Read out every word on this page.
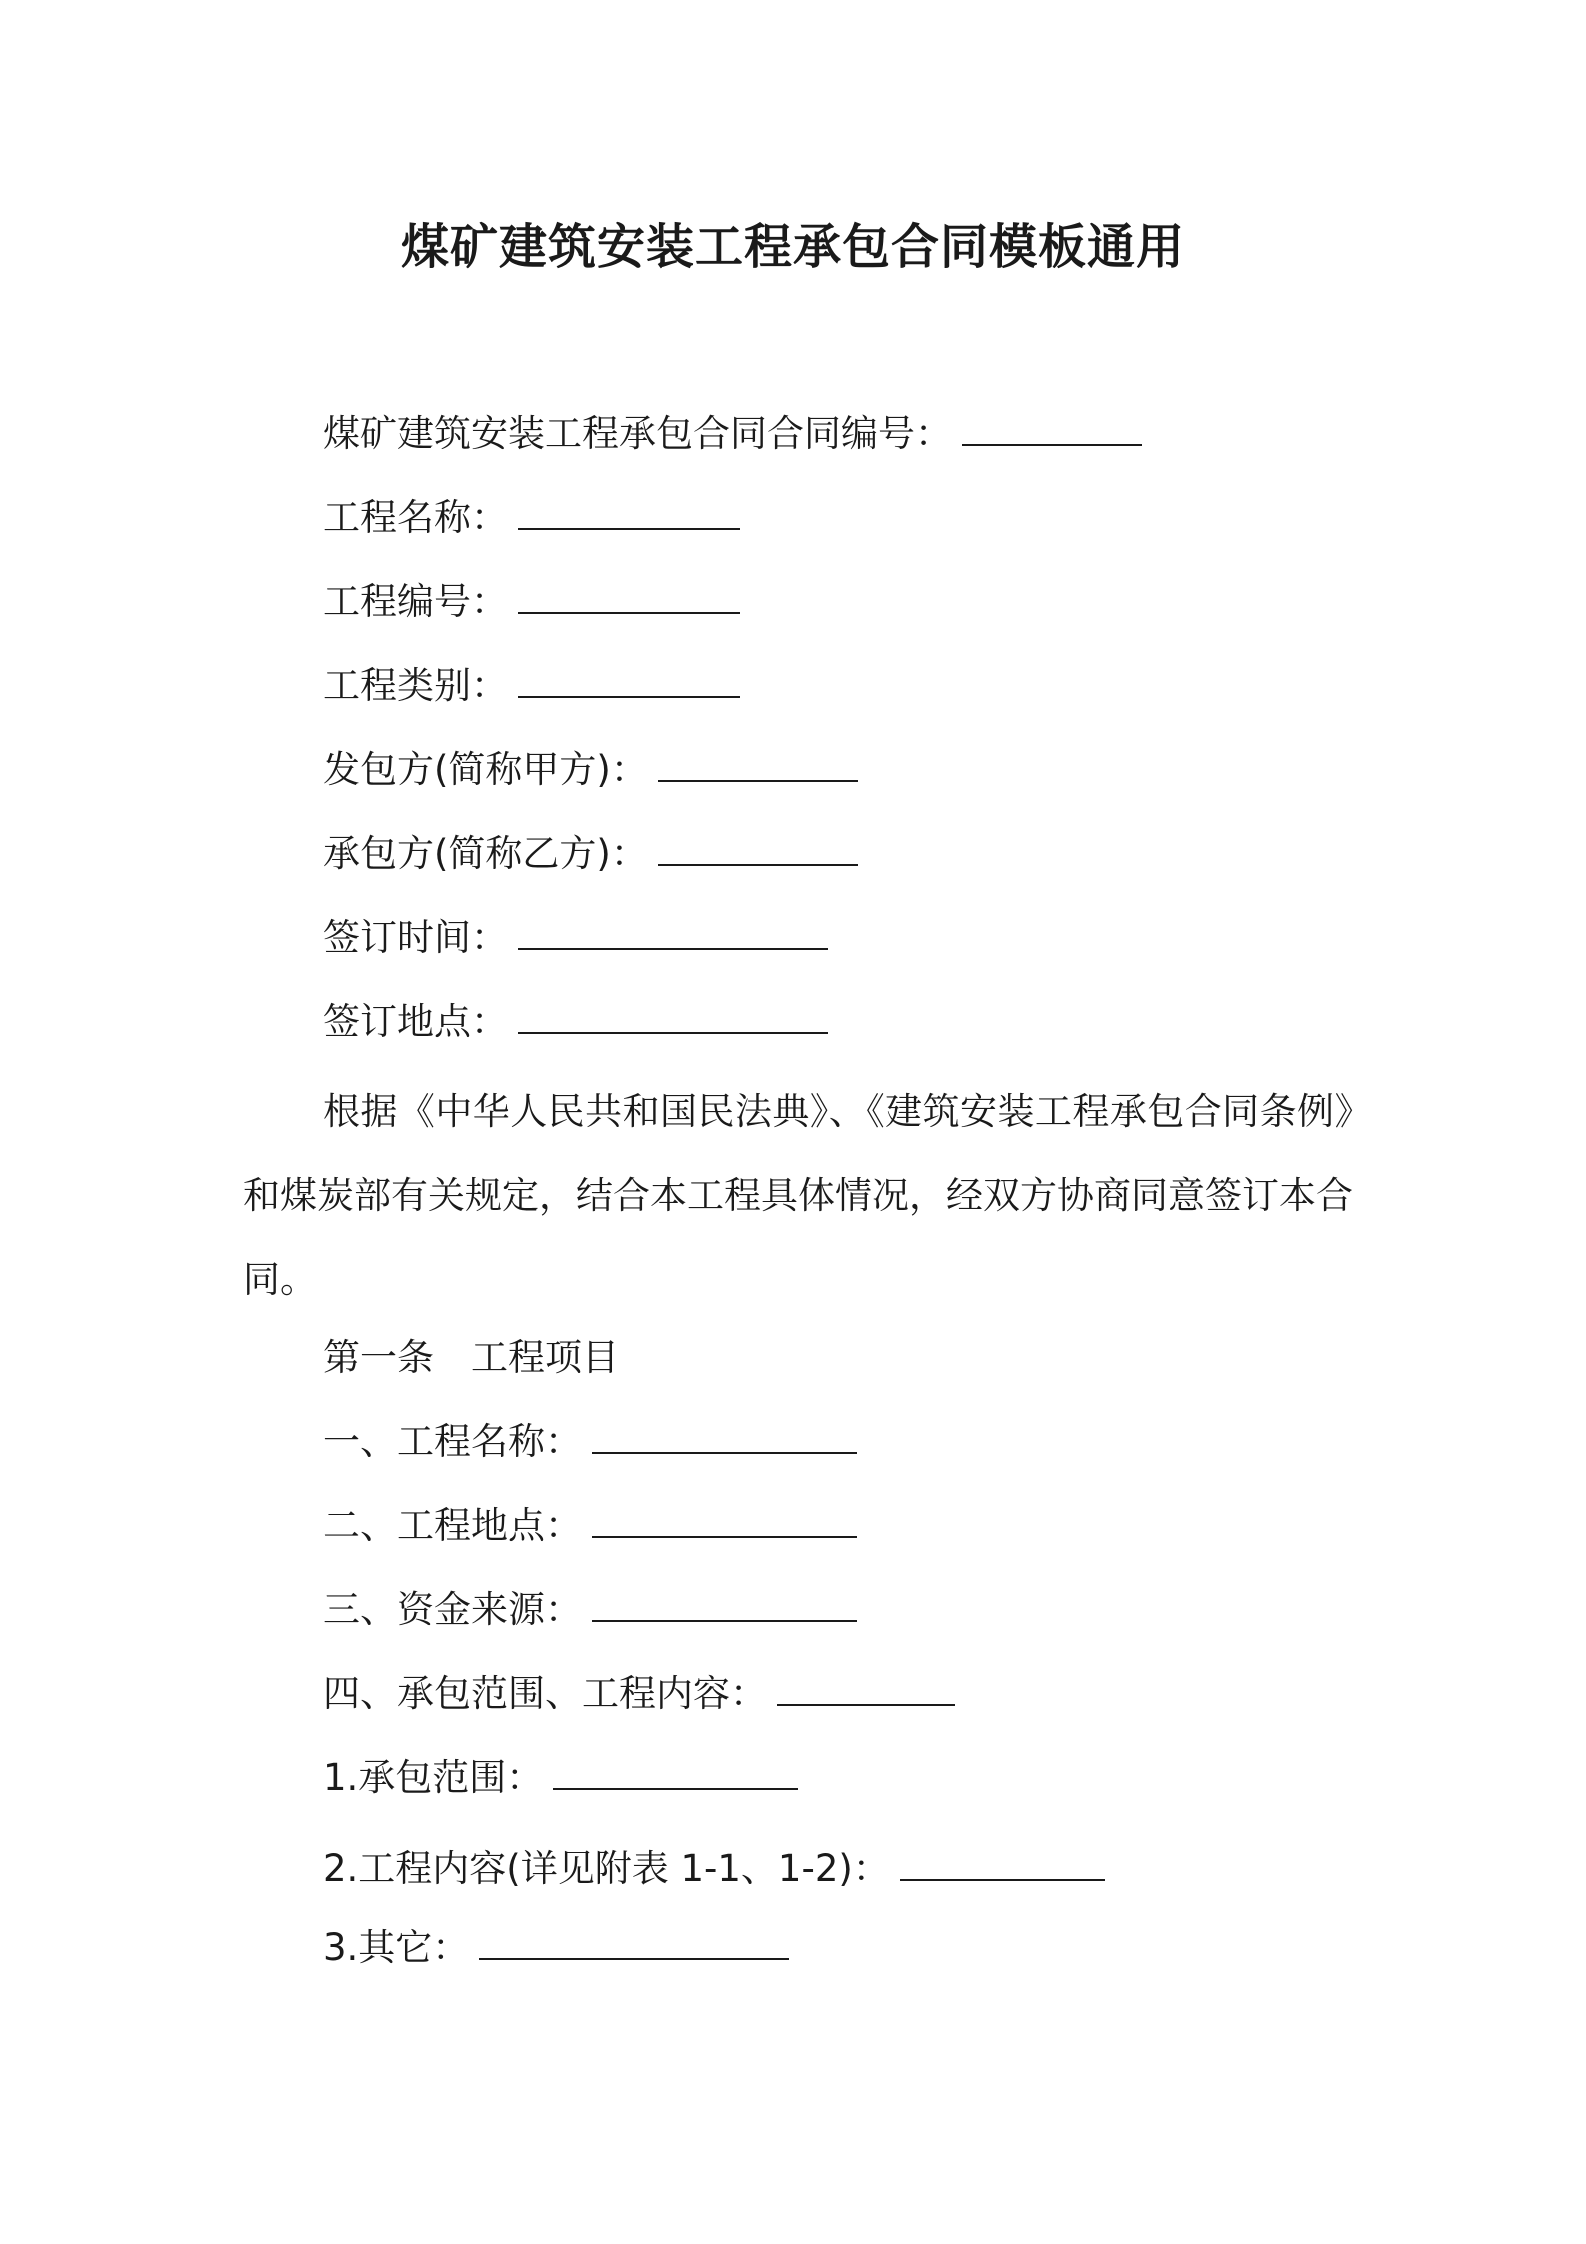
煤矿建筑安装工程承包合同模板通用
煤矿建筑安装工程承包合同合同编号：
工程名称：
工程编号：
工程类别：
发包方(简称甲方)：
承包方(简称乙方)：
签订时间：
签订地点：
根据《中华人民共和国民法典》、《建筑安装工程承包合同条例》和煤炭部有关规定，结合本工程具体情况，经双方协商同意签订本合同。
第一条　工程项目
一、工程名称：
二、工程地点：
三、资金来源：
四、承包范围、工程内容：
1.承包范围：
2.工程内容(详见附表 1-1、1-2)：
3.其它：
